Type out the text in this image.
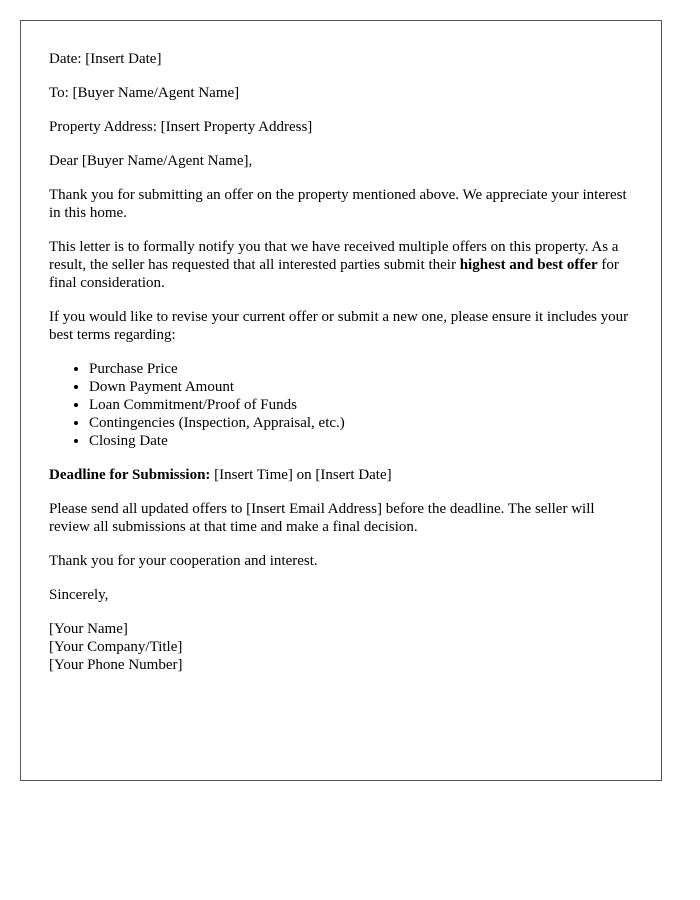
Date: [Insert Date]

To: [Buyer Name/Agent Name]

Property Address: [Insert Property Address]

Dear [Buyer Name/Agent Name],

Thank you for submitting an offer on the property mentioned above. We appreciate your interest in this home.

This letter is to formally notify you that we have received multiple offers on this property. As a result, the seller has requested that all interested parties submit their highest and best offer for final consideration.

If you would like to revise your current offer or submit a new one, please ensure it includes your best terms regarding:

• Purchase Price
• Down Payment Amount
• Loan Commitment/Proof of Funds
• Contingencies (Inspection, Appraisal, etc.)
• Closing Date

Deadline for Submission: [Insert Time] on [Insert Date]

Please send all updated offers to [Insert Email Address] before the deadline. The seller will review all submissions at that time and make a final decision.

Thank you for your cooperation and interest.

Sincerely,

[Your Name]
[Your Company/Title]
[Your Phone Number]
